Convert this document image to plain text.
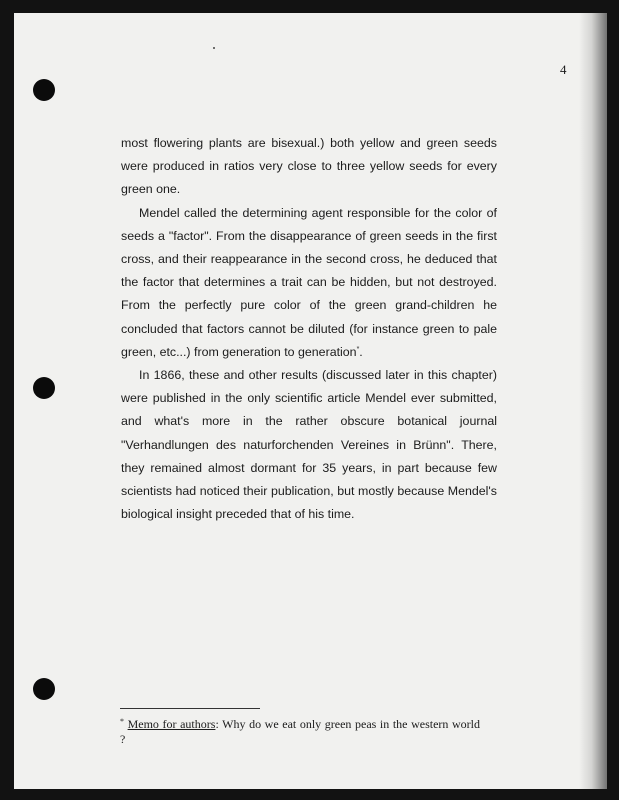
4

most flowering plants are bisexual.) both yellow and green seeds were produced in ratios very close to three yellow seeds for every green one.

Mendel called the determining agent responsible for the color of seeds a "factor". From the disappearance of green seeds in the first cross, and their reappearance in the second cross, he deduced that the factor that determines a trait can be hidden, but not destroyed. From the perfectly pure color of the green grand-children he concluded that factors cannot be diluted (for instance green to pale green, etc...) from generation to generation*.

In 1866, these and other results (discussed later in this chapter) were published in the only scientific article Mendel ever submitted, and what's more in the rather obscure botanical journal "Verhandlungen des naturforchenden Vereines in Brünn". There, they remained almost dormant for 35 years, in part because few scientists had noticed their publication, but mostly because Mendel's biological insight preceded that of his time.

* Memo for authors: Why do we eat only green peas in the western world ?
